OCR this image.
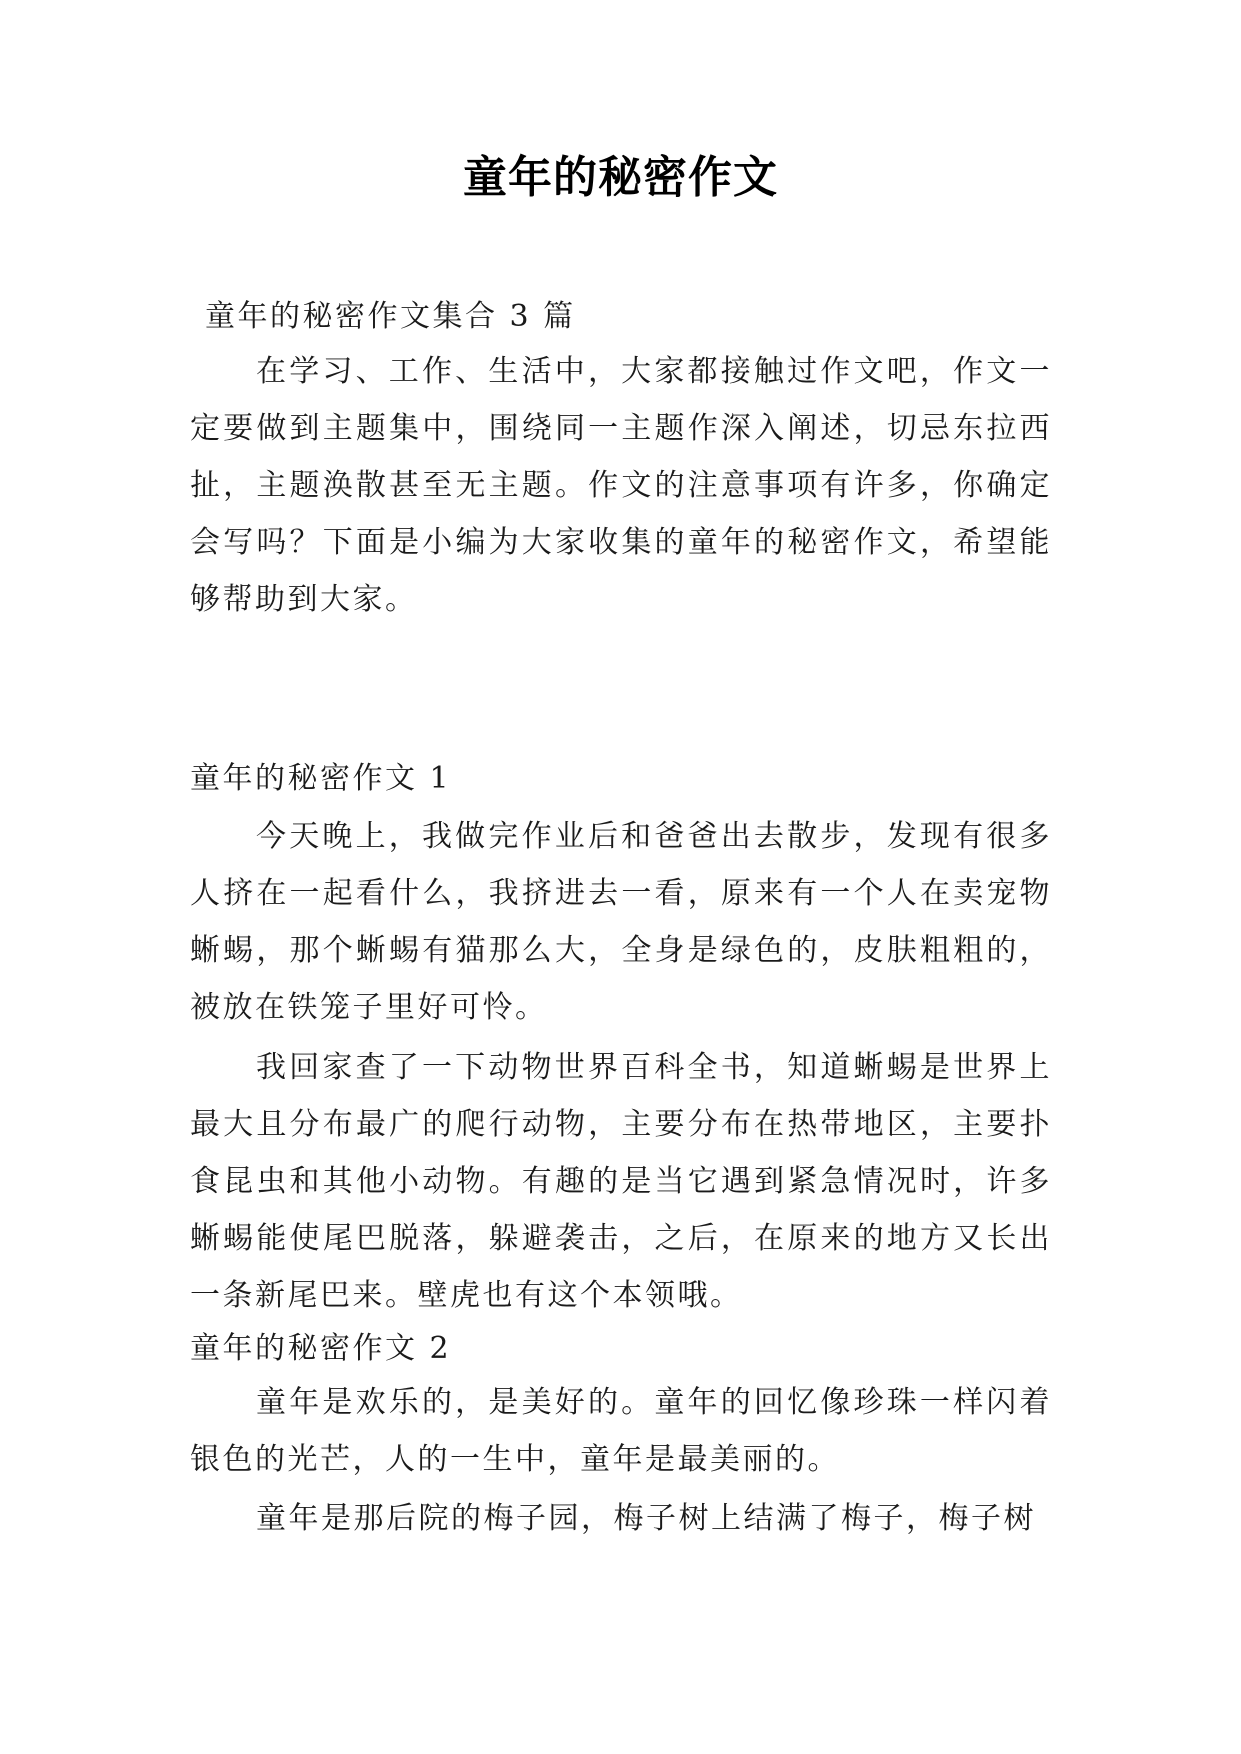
童年的秘密作文
童年的秘密作文集合 3 篇

在学习、工作、生活中，大家都接触过作文吧，作文一定要做到主题集中，围绕同一主题作深入阐述，切忌东拉西扯，主题涣散甚至无主题。作文的注意事项有许多，你确定会写吗？下面是小编为大家收集的童年的秘密作文，希望能够帮助到大家。

童年的秘密作文 1

今天晚上，我做完作业后和爸爸出去散步，发现有很多人挤在一起看什么，我挤进去一看，原来有一个人在卖宠物蜥蜴，那个蜥蜴有猫那么大，全身是绿色的，皮肤粗粗的，被放在铁笼子里好可怜。

我回家查了一下动物世界百科全书，知道蜥蜴是世界上最大且分布最广的爬行动物，主要分布在热带地区，主要扑食昆虫和其他小动物。有趣的是当它遇到紧急情况时，许多蜥蜴能使尾巴脱落，躲避袭击，之后，在原来的地方又长出一条新尾巴来。壁虎也有这个本领哦。

童年的秘密作文 2

童年是欢乐的，是美好的。童年的回忆像珍珠一样闪着银色的光芒，人的一生中，童年是最美丽的。

童年是那后院的梅子园，梅子树上结满了梅子，梅子树
